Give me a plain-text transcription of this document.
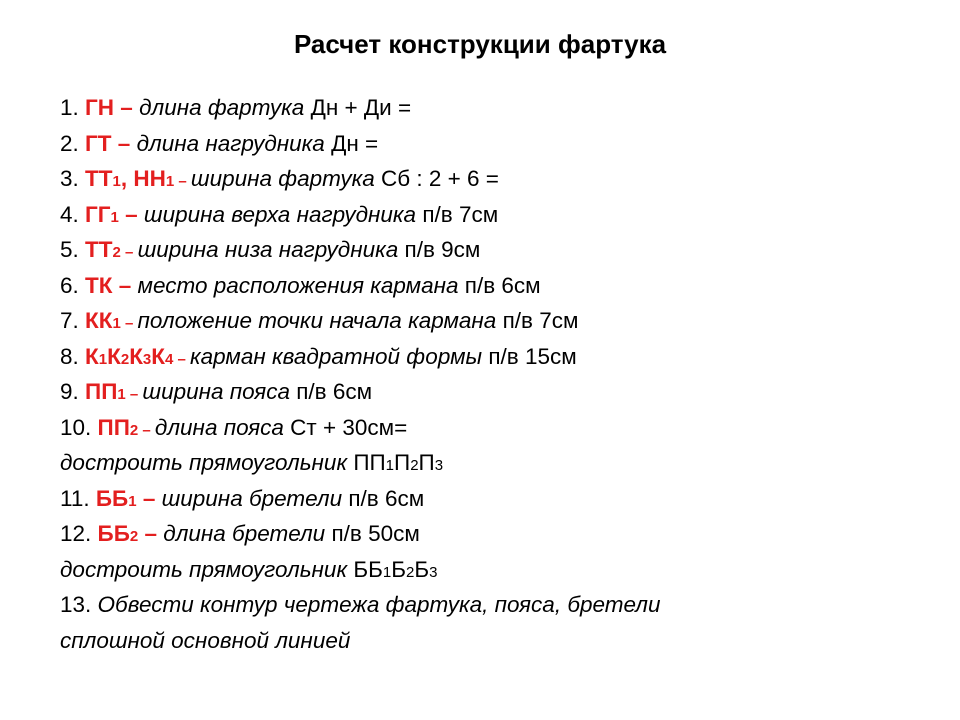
Расчет конструкции фартука
1. ГН – длина фартука Дн + Ди =
2. ГТ – длина нагрудника Дн =
3. ТТ1, НН1 – ширина фартука Сб : 2 + 6 =
4. ГГ1 – ширина верха нагрудника п/в 7см
5. ТТ2 – ширина низа нагрудника п/в 9см
6. ТК – место расположения кармана п/в 6см
7. КК1 – положение точки начала кармана п/в 7см
8. К1К2К3К4 – карман квадратной формы п/в 15см
9. ПП1 – ширина пояса п/в 6см
10. ПП2 – длина пояса Ст + 30см=
достроить прямоугольник ПП1П2П3
11. ББ1 – ширина бретели п/в 6см
12. ББ2 – длина бретели п/в 50см
достроить прямоугольник ББ1Б2Б3
13. Обвести контур чертежа фартука, пояса, бретели
сплошной основной линией
